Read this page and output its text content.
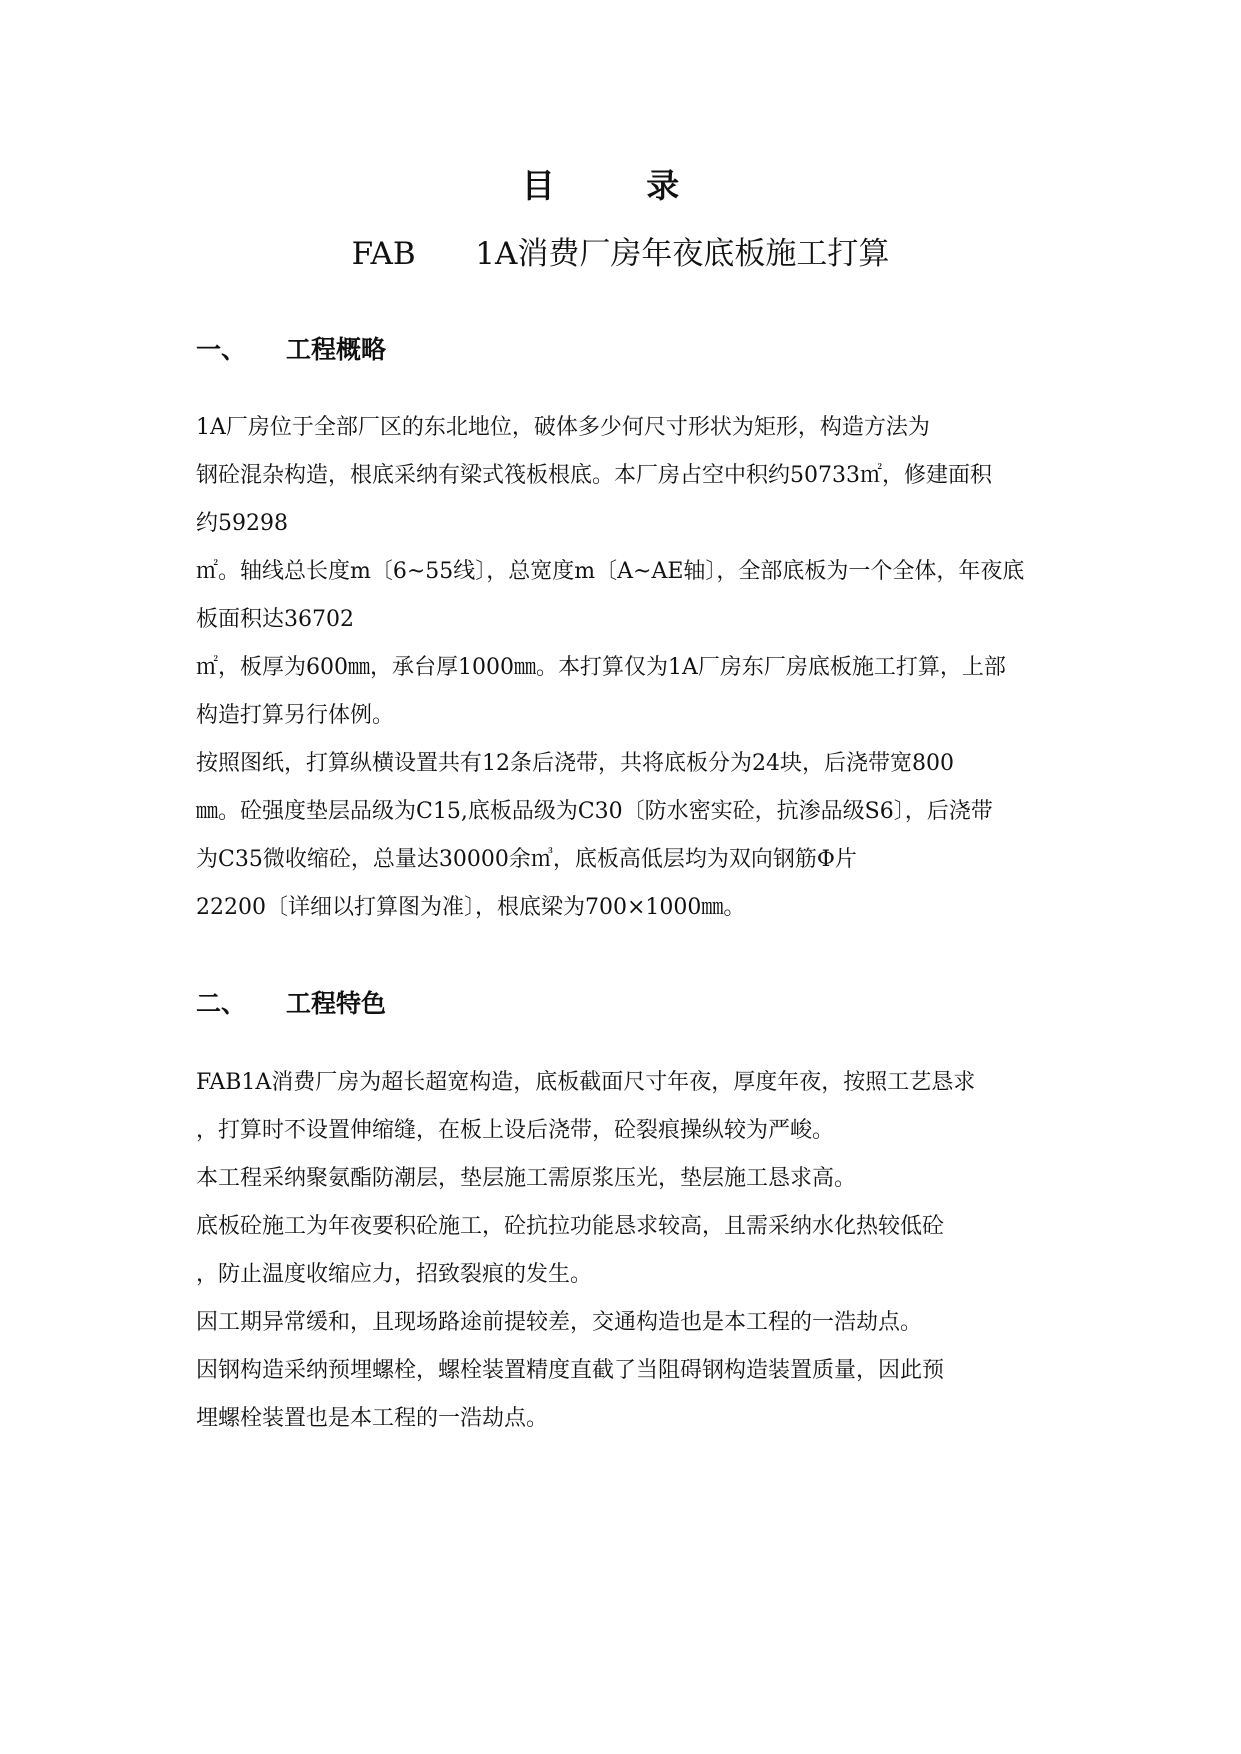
目 录
FAB   1A消费厂房年夜底板施工打算
一、 工程概略
1A厂房位于全部厂区的东北地位，破体多少何尺寸形状为矩形，构造方法为
钢砼混杂构造，根底采纳有梁式筏板根底。本厂房占空中积约50733㎡，修建面积
约59298
㎡。轴线总长度m〔6~55线〕，总宽度m〔A~AE轴〕，全部底板为一个全体，年夜底
板面积达36702
㎡，板厚为600㎜，承台厚1000㎜。本打算仅为1A厂房东厂房底板施工打算，上部
构造打算另行体例。
按照图纸，打算纵横设置共有12条后浇带，共将底板分为24块，后浇带宽800
㎜。砼强度垫层品级为C15,底板品级为C30〔防水密实砼，抗渗品级S6〕，后浇带
为C35微收缩砼，总量达30000余㎥，底板高低层均为双向钢筋Φ片
22200〔详细以打算图为准〕，根底梁为700×1000㎜。
二、 工程特色
FAB1A消费厂房为超长超宽构造，底板截面尺寸年夜，厚度年夜，按照工艺恳求
，打算时不设置伸缩缝，在板上设后浇带，砼裂痕操纵较为严峻。
本工程采纳聚氨酯防潮层，垫层施工需原浆压光，垫层施工恳求高。
底板砼施工为年夜要积砼施工，砼抗拉功能恳求较高，且需采纳水化热较低砼
，防止温度收缩应力，招致裂痕的发生。
因工期异常缓和，且现场路途前提较差，交通构造也是本工程的一浩劫点。
因钢构造采纳预埋螺栓，螺栓装置精度直截了当阻碍钢构造装置质量，因此预
埋螺栓装置也是本工程的一浩劫点。
